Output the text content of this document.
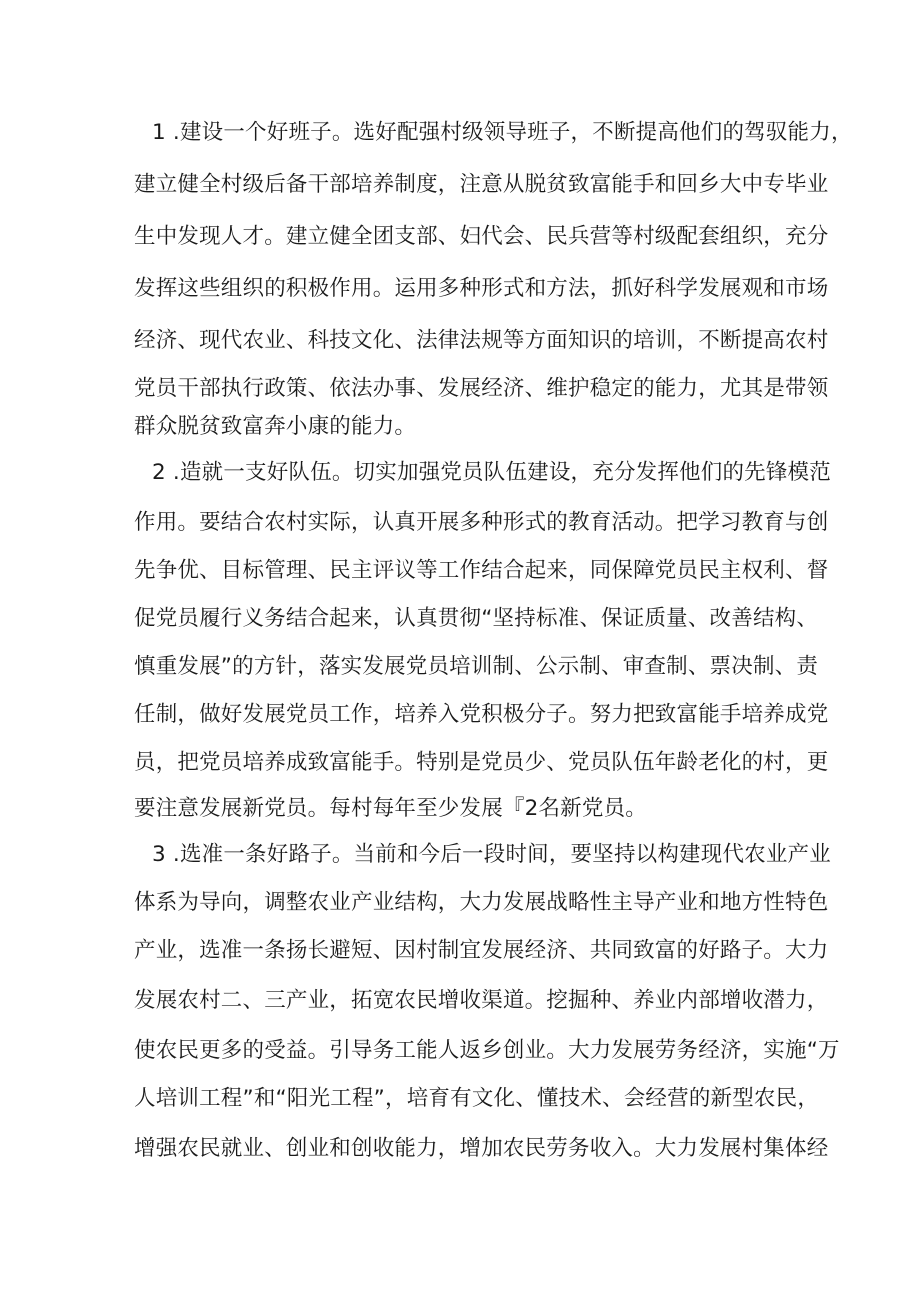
1 .建设一个好班子。选好配强村级领导班子，不断提高他们的驾驭能力，
建立健全村级后备干部培养制度，注意从脱贫致富能手和回乡大中专毕业
生中发现人才。建立健全团支部、妇代会、民兵营等村级配套组织，充分
发挥这些组织的积极作用。运用多种形式和方法，抓好科学发展观和市场
经济、现代农业、科技文化、法律法规等方面知识的培训，不断提高农村
党员干部执行政策、依法办事、发展经济、维护稳定的能力，尤其是带领
群众脱贫致富奔小康的能力。
2 .造就一支好队伍。切实加强党员队伍建设，充分发挥他们的先锋模范
作用。要结合农村实际，认真开展多种形式的教育活动。把学习教育与创
先争优、目标管理、民主评议等工作结合起来，同保障党员民主权利、督
促党员履行义务结合起来，认真贯彻“坚持标准、保证质量、改善结构、
慎重发展”的方针，落实发展党员培训制、公示制、审查制、票决制、责
任制，做好发展党员工作，培养入党积极分子。努力把致富能手培养成党
员，把党员培养成致富能手。特别是党员少、党员队伍年龄老化的村，更
要注意发展新党员。每村每年至少发展『2名新党员。
3 .选准一条好路子。当前和今后一段时间，要坚持以构建现代农业产业
体系为导向，调整农业产业结构，大力发展战略性主导产业和地方性特色
产业，选准一条扬长避短、因村制宜发展经济、共同致富的好路子。大力
发展农村二、三产业，拓宽农民增收渠道。挖掘种、养业内部增收潜力，
使农民更多的受益。引导务工能人返乡创业。大力发展劳务经济，实施“万
人培训工程”和“阳光工程”，培育有文化、懂技术、会经营的新型农民，
增强农民就业、创业和创收能力，增加农民劳务收入。大力发展村集体经
